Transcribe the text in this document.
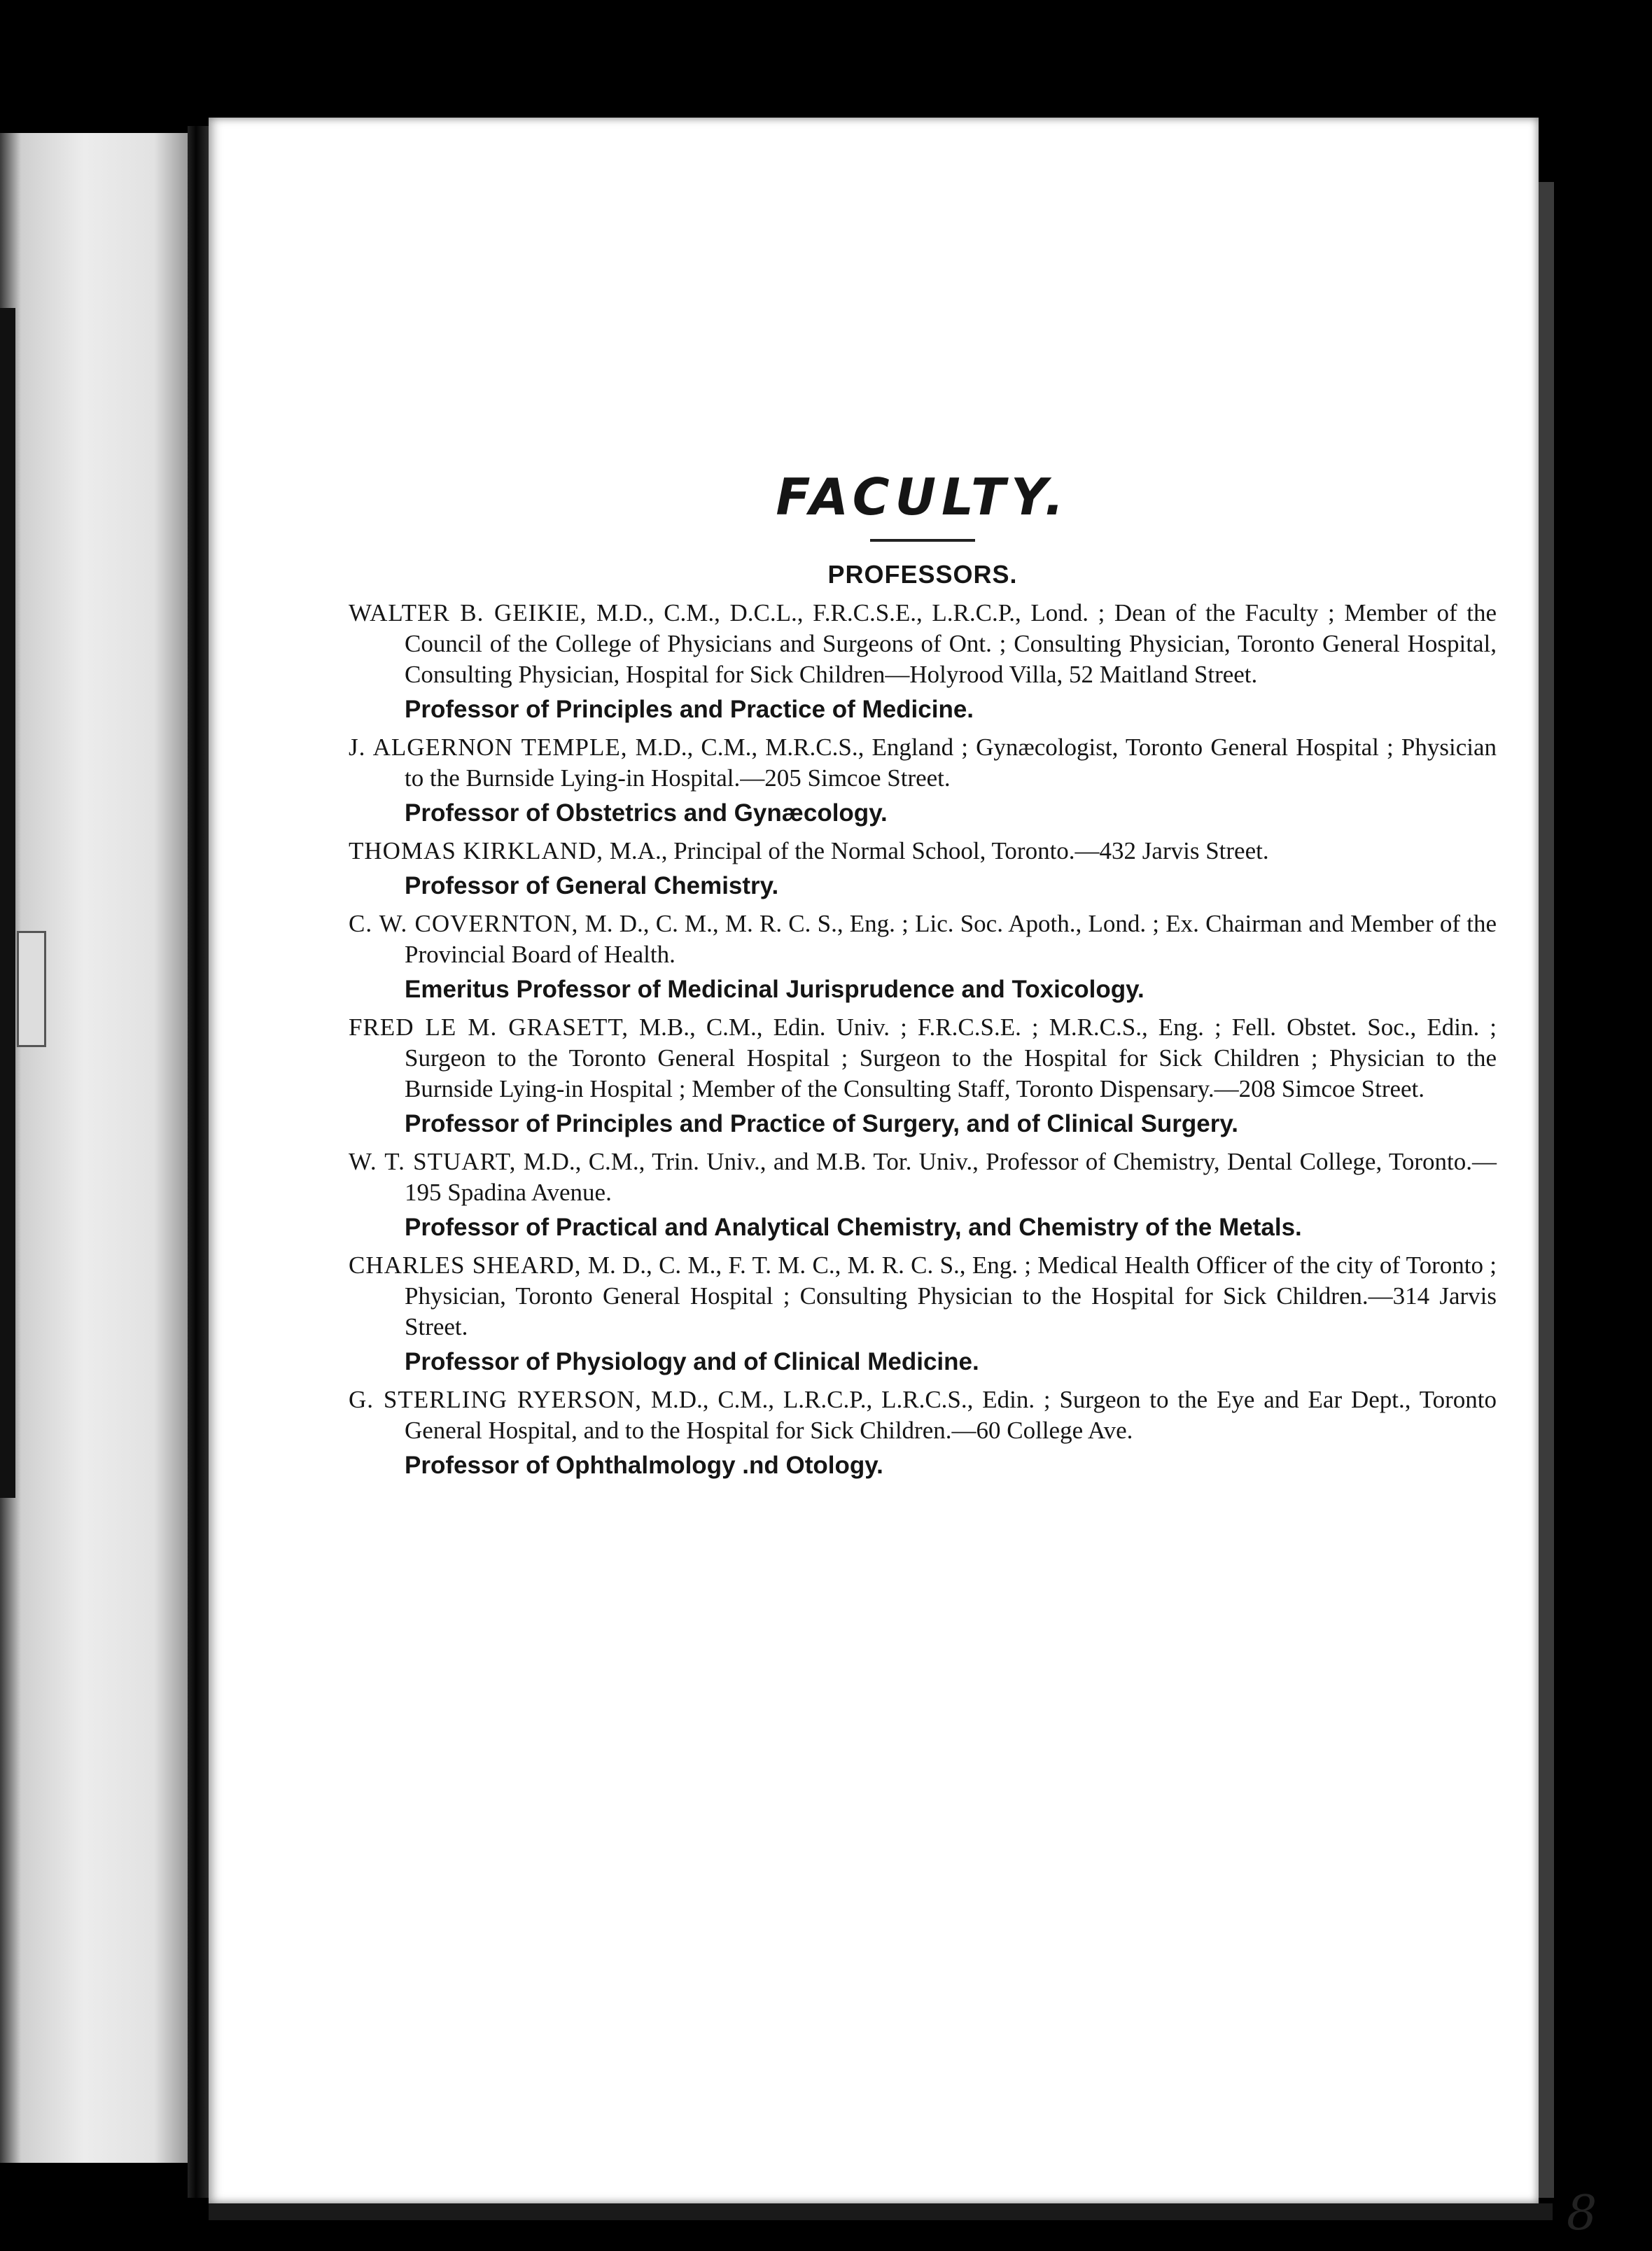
FACULTY.
PROFESSORS.
WALTER B. GEIKIE, M.D., C.M., D.C.L., F.R.C.S.E., L.R.C.P., Lond. ; Dean of the Faculty ; Member of the Council of the College of Physicians and Surgeons of Ont. ; Consulting Physician, Toronto General Hospital, Consulting Physician, Hospital for Sick Children—Holyrood Villa, 52 Maitland Street.
Professor of Principles and Practice of Medicine.
J. ALGERNON TEMPLE, M.D., C.M., M.R.C.S., England ; Gynæcologist, Toronto General Hospital ; Physician to the Burnside Lying-in Hospital.—205 Simcoe Street.
Professor of Obstetrics and Gynæcology.
THOMAS KIRKLAND, M.A., Principal of the Normal School, Toronto.—432 Jarvis Street.
Professor of General Chemistry.
C. W. COVERNTON, M. D., C. M., M. R. C. S., Eng. ; Lic. Soc. Apoth., Lond. ; Ex. Chairman and Member of the Provincial Board of Health.
Emeritus Professor of Medicinal Jurisprudence and Toxicology.
FRED LE M. GRASETT, M.B., C.M., Edin. Univ. ; F.R.C.S.E. ; M.R.C.S., Eng. ; Fell. Obstet. Soc., Edin. ; Surgeon to the Toronto General Hospital ; Surgeon to the Hospital for Sick Children ; Physician to the Burnside Lying-in Hospital ; Member of the Consulting Staff, Toronto Dispensary.—208 Simcoe Street.
Professor of Principles and Practice of Surgery, and of Clinical Surgery.
W. T. STUART, M.D., C.M., Trin. Univ., and M.B. Tor. Univ., Professor of Chemistry, Dental College, Toronto.—195 Spadina Avenue.
Professor of Practical and Analytical Chemistry, and Chemistry of the Metals.
CHARLES SHEARD, M. D., C. M., F. T. M. C., M. R. C. S., Eng. ; Medical Health Officer of the city of Toronto ; Physician, Toronto General Hospital ; Consulting Physician to the Hospital for Sick Children.—314 Jarvis Street.
Professor of Physiology and of Clinical Medicine.
G. STERLING RYERSON, M.D., C.M., L.R.C.P., L.R.C.S., Edin. ; Surgeon to the Eye and Ear Dept., Toronto General Hospital, and to the Hospital for Sick Children.—60 College Ave.
Professor of Ophthalmology .nd Otology.
8
